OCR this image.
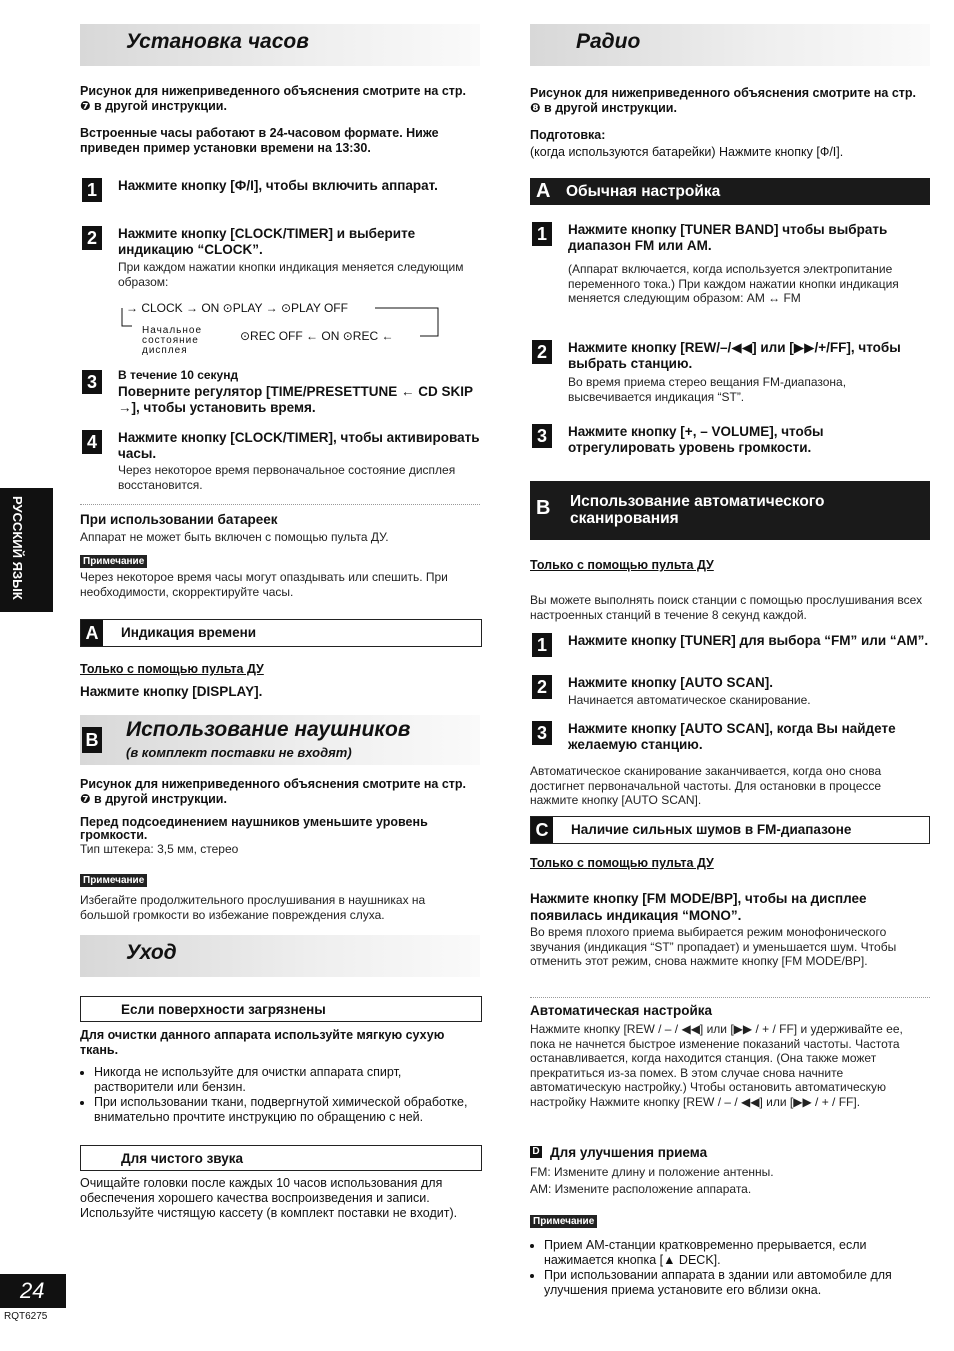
РУССКИЙ ЯЗЫК
Установка часов
Рисунок для нижеприведенного объяснения смотрите на стр. ❼ в другой инструкции.
Встроенные часы работают в 24-часовом формате. Ниже приведен пример установки времени на 13:30.
1	Нажмите кнопку [Ф/I], чтобы включить аппарат.
2	Нажмите кнопку [CLOCK/TIMER] и выберите индикацию “CLOCK”.
При каждом нажатии кнопки индикация меняется следующим образом:
→ CLOCK → ON ⊙PLAY → ⊙PLAY OFF
⊙REC OFF ← ON ⊙REC ←
Начальное состояние дисплея
3	В течение 10 секунд
Поверните регулятор [TIME/PRESETTUNE ← CD SKIP →], чтобы установить время.
4	Нажмите кнопку [CLOCK/TIMER], чтобы активировать часы.
Через некоторое время первоначальное состояние дисплея восстановится.
При использовании батареек
Аппарат не может быть включен с помощью пульта ДУ.
Примечание
Через некоторое время часы могут опаздывать или спешить. При необходимости, скорректируйте часы.
A	Индикация времени
Только с помощью пульта ДУ
Нажмите кнопку [DISPLAY].
B Использование наушников
(в комплект поставки не входят)
Рисунок для нижеприведенного объяснения смотрите на стр. ❼ в другой инструкции.
Перед подсоединением наушников уменьшите уровень громкости.
Тип штекера: 3,5 мм, стерео
Примечание
Избегайте продолжительного прослушивания в наушниках на большой громкости во избежание повреждения слуха.
Уход
Если поверхности загрязнены
Для очистки данного аппарата используйте мягкую сухую ткань.
• Никогда не используйте для очистки аппарата спирт, растворители или бензин.
• При использовании ткани, подвергнутой химической обработке, внимательно прочтите инструкцию по обращению с ней.
Для чистого звука
Очищайте головки после каждых 10 часов использования для обеспечения хорошего качества воспроизведения и записи. Используйте чистящую кассету (в комплект поставки не входит).
Радио
Рисунок для нижеприведенного объяснения смотрите на стр. ❽ в другой инструкции.
Подготовка:
(когда используются батарейки) Нажмите кнопку [Ф/I].
A Обычная настройка
1	Нажмите кнопку [TUNER BAND] чтобы выбрать диапазон FM или AM.
(Аппарат включается, когда используется электропитание переменного тока.) При каждом нажатии кнопки индикация меняется следующим образом: AM ↔ FM
2	Нажмите кнопку [REW/–/◀◀] или [▶▶/+/FF], чтобы выбрать станцию.
Во время приема стерео вещания FM-диапазона, высвечивается индикация “ST”.
3	Нажмите кнопку [+, – VOLUME], чтобы отрегулировать уровень громкости.
B Использование автоматического сканирования
Только с помощью пульта ДУ
Вы можете выполнять поиск станции с помощью прослушивания всех настроенных станций в течение 8 секунд каждой.
1	Нажмите кнопку [TUNER] для выбора “FM” или “AM”.
2	Нажмите кнопку [AUTO SCAN].
Начинается автоматическое сканирование.
3	Нажмите кнопку [AUTO SCAN], когда Вы найдете желаемую станцию.
Автоматическое сканирование заканчивается, когда оно снова достигнет первоначальной частоты. Для остановки в процессе нажмите кнопку [AUTO SCAN].
C	Наличие сильных шумов в FM-диапазоне
Только с помощью пульта ДУ
Нажмите кнопку [FM MODE/BP], чтобы на дисплее появилась индикация “MONO”.
Во время плохого приема выбирается режим монофонического звучания (индикация “ST” пропадает) и уменьшается шум. Чтобы отменить этот режим, снова нажмите кнопку [FM MODE/BP].
Автоматическая настройка
Нажмите кнопку [REW / – / ◀◀] или [▶▶ / + / FF] и удерживайте ее, пока не начнется быстрое изменение показаний частоты. Частота останавливается, когда находится станция. (Она также может прекратиться из-за помех. В этом случае снова начните автоматическую настройку.) Чтобы остановить автоматическую настройку Нажмите кнопку [REW / – / ◀◀] или [▶▶ / + / FF].
D Для улучшения приема
FM: Измените длину и положение антенны.
AM: Измените расположение аппарата.
Примечание
• Прием AM-станции кратковременно прерывается, если нажимается кнопка [▲ DECK].
• При использовании аппарата в здании или автомобиле для улучшения приема установите его вблизи окна.
24
RQT6275
